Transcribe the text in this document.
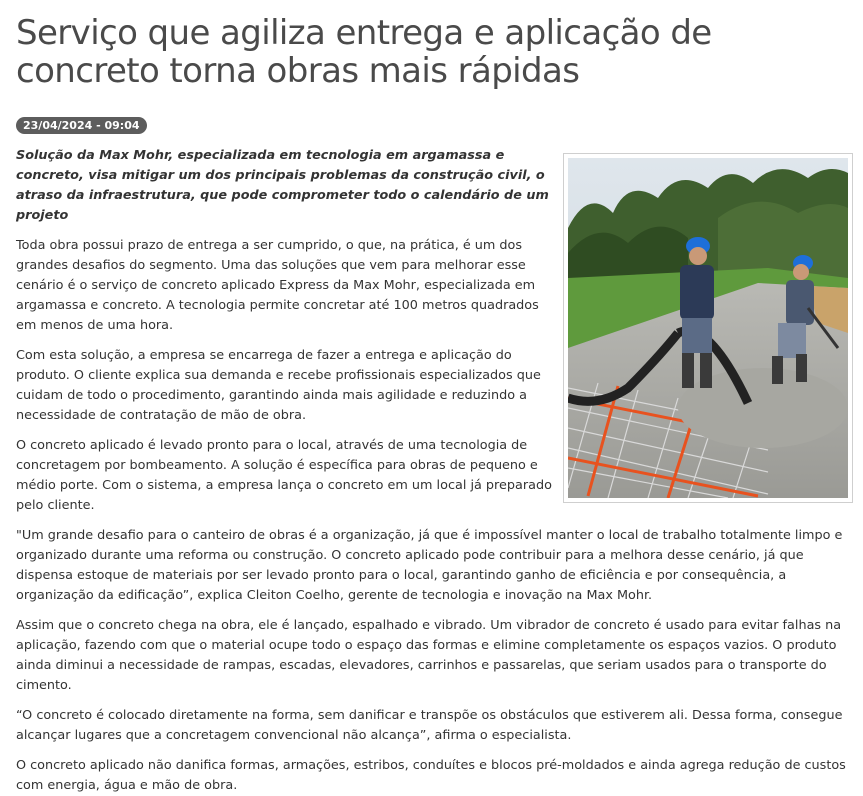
Serviço que agiliza entrega e aplicação de concreto torna obras mais rápidas
23/04/2024 - 09:04

Solução da Max Mohr, especializada em tecnologia em argamassa e concreto, visa mitigar um dos principais problemas da construção civil, o atraso da infraestrutura, que pode comprometer todo o calendário de um projeto

Toda obra possui prazo de entrega a ser cumprido, o que, na prática, é um dos grandes desafios do segmento. Uma das soluções que vem para melhorar esse cenário é o serviço de concreto aplicado Express da Max Mohr, especializada em argamassa e concreto. A tecnologia permite concretar até 100 metros quadrados em menos de uma hora.

Com esta solução, a empresa se encarrega de fazer a entrega e aplicação do produto. O cliente explica sua demanda e recebe profissionais especializados que cuidam de todo o procedimento, garantindo ainda mais agilidade e reduzindo a necessidade de contratação de mão de obra.

O concreto aplicado é levado pronto para o local, através de uma tecnologia de concretagem por bombeamento. A solução é específica para obras de pequeno e médio porte. Com o sistema, a empresa lança o concreto em um local já preparado pelo cliente.

"Um grande desafio para o canteiro de obras é a organização, já que é impossível manter o local de trabalho totalmente limpo e organizado durante uma reforma ou construção. O concreto aplicado pode contribuir para a melhora desse cenário, já que dispensa estoque de materiais por ser levado pronto para o local, garantindo ganho de eficiência e por consequência, a organização da edificação”, explica Cleiton Coelho, gerente de tecnologia e inovação na Max Mohr.

Assim que o concreto chega na obra, ele é lançado, espalhado e vibrado. Um vibrador de concreto é usado para evitar falhas na aplicação, fazendo com que o material ocupe todo o espaço das formas e elimine completamente os espaços vazios. O produto ainda diminui a necessidade de rampas, escadas, elevadores, carrinhos e passarelas, que seriam usados para o transporte do cimento.

“O concreto é colocado diretamente na forma, sem danificar e transpõe os obstáculos que estiverem ali. Dessa forma, consegue alcançar lugares que a concretagem convencional não alcança”, afirma o especialista.

O concreto aplicado não danifica formas, armações, estribos, conduítes e blocos pré-moldados e ainda agrega redução de custos com energia, água e mão de obra.
